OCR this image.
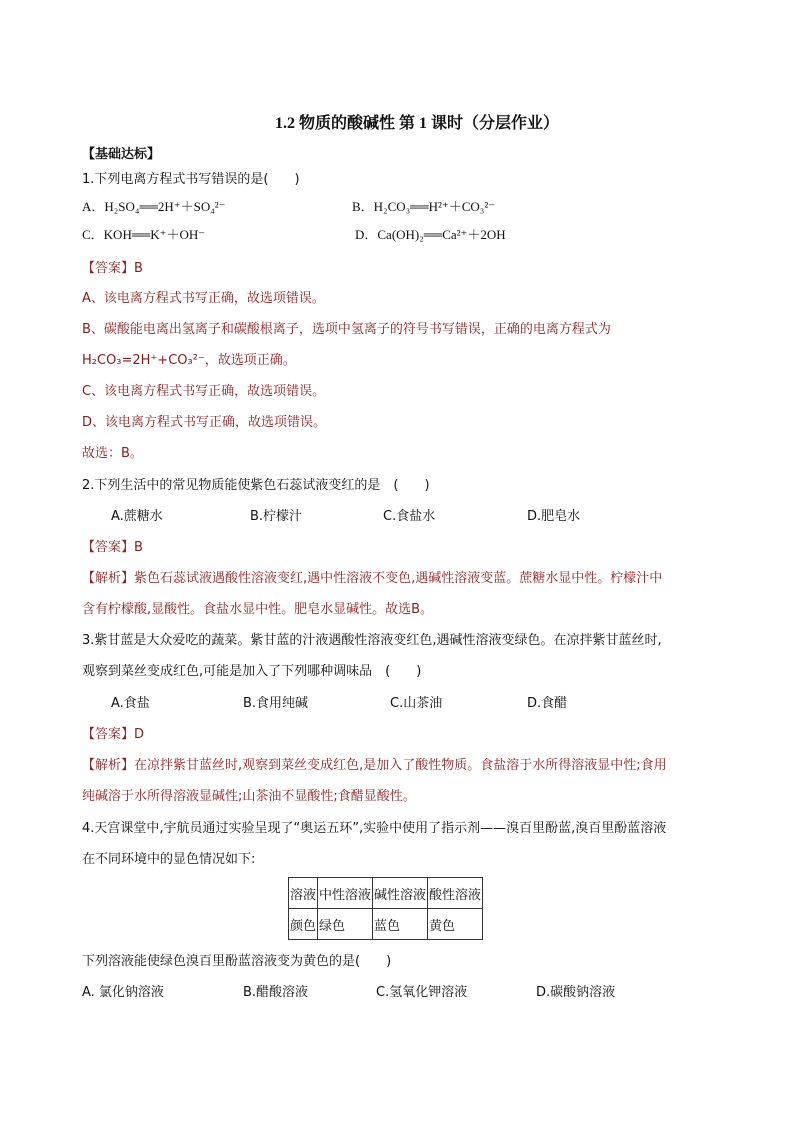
1.2 物质的酸碱性 第 1 课时（分层作业）
【基础达标】
1.下列电离方程式书写错误的是(　　)
A．H₂SO₄══2H⁺＋SO₄²⁻	B．H₂CO₃══H²⁺＋CO₃²⁻
C．KOH══K⁺＋OH⁻	D．Ca(OH)₂══Ca²⁺＋2OH
【答案】B
A、该电离方程式书写正确，故选项错误。
B、碳酸能电离出氢离子和碳酸根离子，选项中氢离子的符号书写错误，正确的电离方程式为
H₂CO₃=2H⁺+CO₃²⁻，故选项正确。
C、该电离方程式书写正确，故选项错误。
D、该电离方程式书写正确，故选项错误。
故选：B。
2.下列生活中的常见物质能使紫色石蕊试液变红的是　(　　)
A.蔗糖水	B.柠檬汁	C.食盐水	D.肥皂水
【答案】B
【解析】紫色石蕊试液遇酸性溶液变红,遇中性溶液不变色,遇碱性溶液变蓝。蔗糖水显中性。柠檬汁中
含有柠檬酸,显酸性。食盐水显中性。肥皂水显碱性。故选B。
3.紫甘蓝是大众爱吃的蔬菜。紫甘蓝的汁液遇酸性溶液变红色,遇碱性溶液变绿色。在凉拌紫甘蓝丝时,
观察到菜丝变成红色,可能是加入了下列哪种调味品　(　　)
A.食盐	B.食用纯碱	C.山茶油	D.食醋
【答案】D
【解析】在凉拌紫甘蓝丝时,观察到菜丝变成红色,是加入了酸性物质。食盐溶于水所得溶液显中性;食用
纯碱溶于水所得溶液显碱性;山茶油不显酸性;食醋显酸性。
4.天宫课堂中,宇航员通过实验呈现了“奥运五环”,实验中使用了指示剂——溴百里酚蓝,溴百里酚蓝溶液
在不同环境中的显色情况如下:
溶液	中性溶液	碱性溶液	酸性溶液
颜色	绿色	蓝色	黄色
下列溶液能使绿色溴百里酚蓝溶液变为黄色的是(　　)
A. 氯化钠溶液	B.醋酸溶液	C.氢氧化钾溶液	D.碳酸钠溶液
